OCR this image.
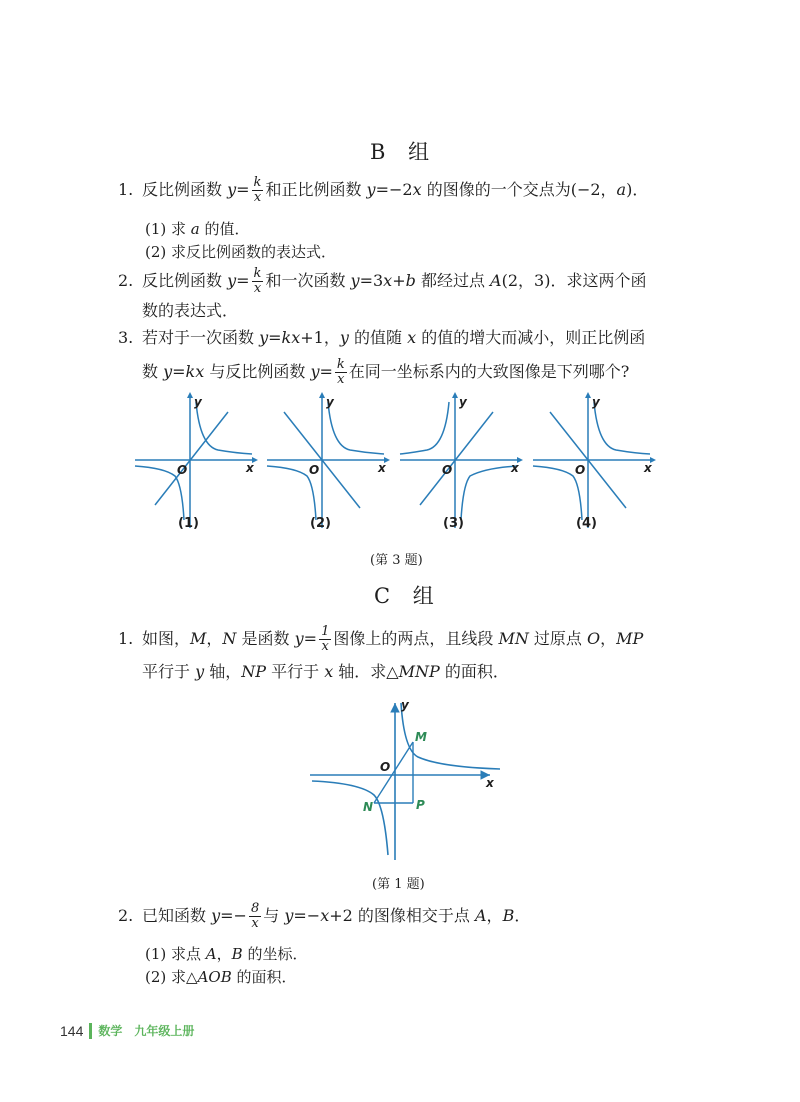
B 组
1. 反比例函数 $y= \frac{k}{x}$ 和正比例函数 y=−2x 的图像的一个交点为(−2，a)．
(1) 求 a 的值．
(2) 求反比例函数的表达式．
2. 反比例函数 $y= \frac{k}{x}$ 和一次函数 y=3x+b 都经过点 A(2，3)．求这两个函
数的表达式．
3. 若对于一次函数 y=kx+1，y 的值随 x 的值的增大而减小，则正比例函
数 y=kx 与反比例函数 $y= \frac{k}{x}$ 在同一坐标系内的大致图像是下列哪个?
y
x
O
(1)
y
x
O
(2)
y
x
O
(3)
y
x
O
(4)
(第 3 题)
C 组
1. 如图，M，N 是函数 $y= \frac{1}{x}$ 图像上的两点，且线段 MN 过原点 O，MP
平行于 y 轴，NP 平行于 x 轴．求△MNP 的面积．
y
x
O
M
N	P
(第 1 题)
2. 已知函数 $y=- \frac{8}{x}$ 与 y=−x+2 的图像相交于点 A，B．
(1) 求点 A，B 的坐标．
(2) 求△AOB 的面积．
144 数学 九年级上册
